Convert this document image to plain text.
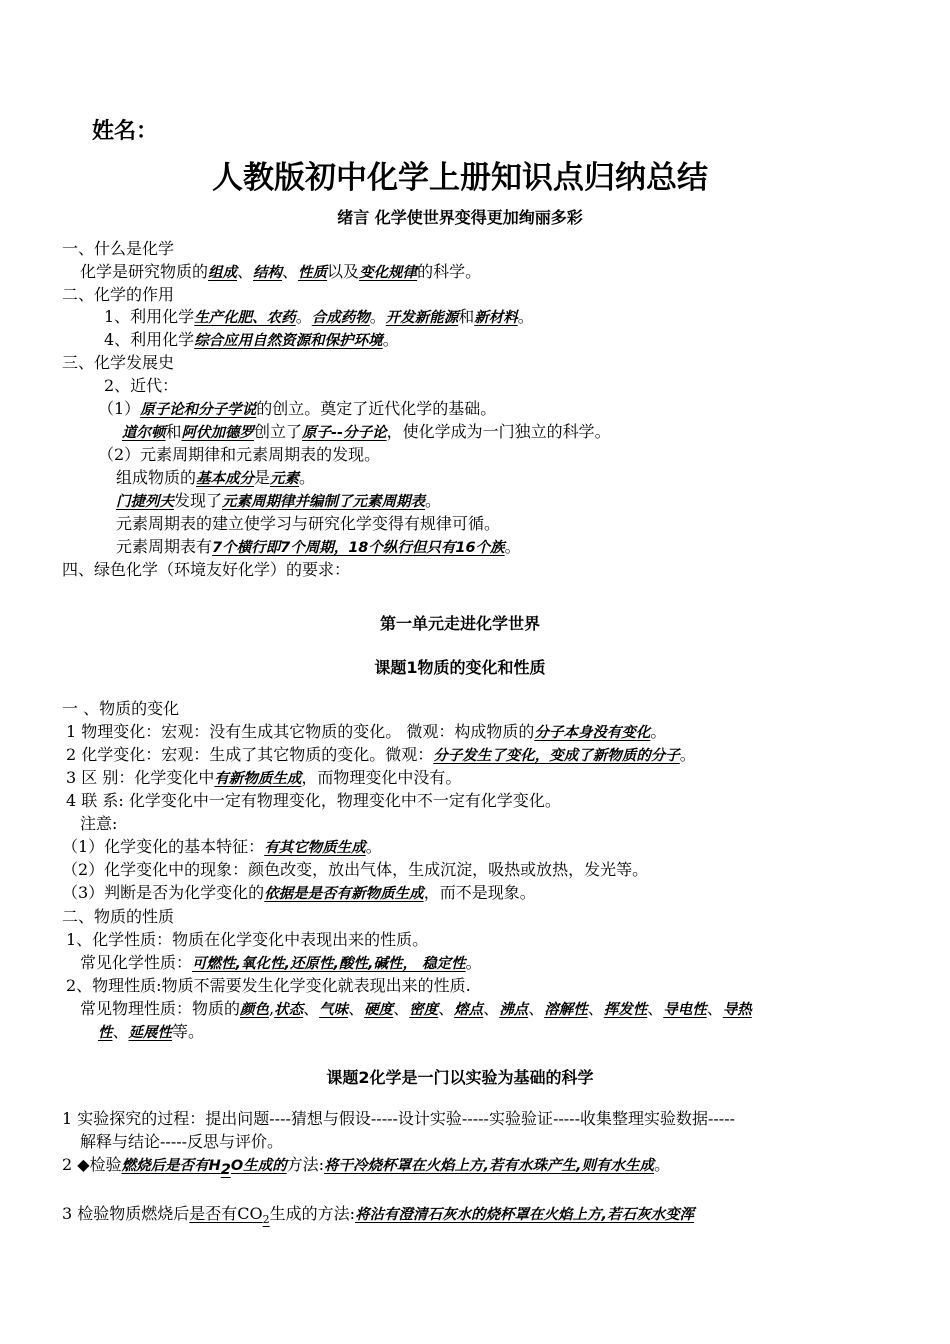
姓名：
人教版初中化学上册知识点归纳总结
绪言 化学使世界变得更加绚丽多彩
一、什么是化学
化学是研究物质的组成、结构、性质以及变化规律的科学。
二、化学的作用
1、利用化学生产化肥、农药。合成药物。开发新能源和新材料。
4、利用化学综合应用自然资源和保护环境。
三、化学发展史
2、近代：
（1）原子论和分子学说的创立。奠定了近代化学的基础。
道尔顿和阿伏加德罗创立了原子--分子论，使化学成为一门独立的科学。
（2）元素周期律和元素周期表的发现。
组成物质的基本成分是元素。
门捷列夫发现了元素周期律并编制了元素周期表。
元素周期表的建立使学习与研究化学变得有规律可循。
元素周期表有7个横行即7个周期，18个纵行但只有16个族。
四、绿色化学（环境友好化学）的要求：
第一单元走进化学世界
课题1物质的变化和性质
一 、物质的变化
1 物理变化：宏观：没有生成其它物质的变化。 微观：构成物质的分子本身没有变化。
2 化学变化：宏观：生成了其它物质的变化。微观：分子发生了变化，变成了新物质的分子。
3 区 别：化学变化中有新物质生成，而物理变化中没有。
4 联 系: 化学变化中一定有物理变化，物理变化中不一定有化学变化。
注意:
（1）化学变化的基本特征：有其它物质生成。
（2）化学变化中的现象：颜色改变，放出气体，生成沉淀，吸热或放热，发光等。
（3）判断是否为化学变化的依据是是否有新物质生成，而不是现象。
二、物质的性质
1、化学性质：物质在化学变化中表现出来的性质。
常见化学性质：可燃性,氧化性,还原性,酸性,碱性， 稳定性。
2、物理性质:物质不需要发生化学变化就表现出来的性质.
常见物理性质：物质的颜色,状态、气味、硬度、密度、熔点、沸点、溶解性、挥发性、导电性、导热
性、延展性等。
课题2化学是一门以实验为基础的科学
1 实验探究的过程：提出问题----猜想与假设-----设计实验-----实验验证-----收集整理实验数据-----
解释与结论-----反思与评价。
2 ◆检验燃烧后是否有$H_2O$生成的方法:将干冷烧杯罩在火焰上方,若有水珠产生,则有水生成。
3 检验物质燃烧后是否有$CO_2$生成的方法:将沾有澄清石灰水的烧杯罩在火焰上方,若石灰水变浑
